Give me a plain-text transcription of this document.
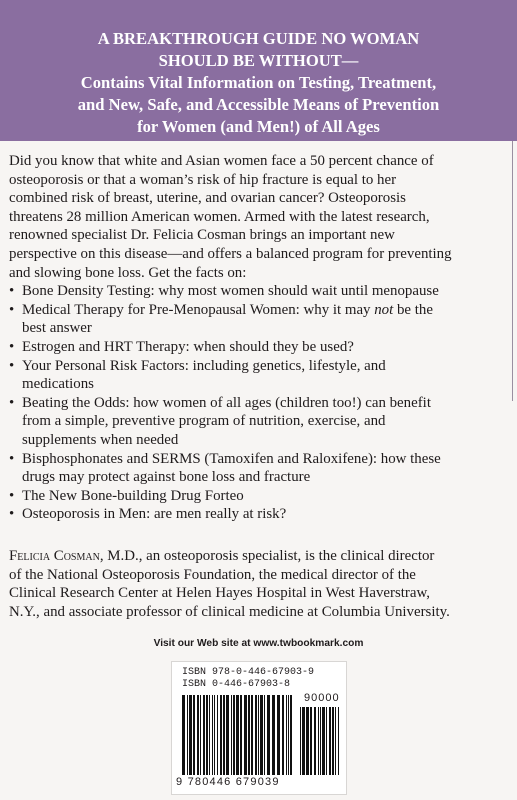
A BREAKTHROUGH GUIDE NO WOMAN
SHOULD BE WITHOUT—
Contains Vital Information on Testing, Treatment,
and New, Safe, and Accessible Means of Prevention
for Women (and Men!) of All Ages

Did you know that white and Asian women face a 50 percent chance of
osteoporosis or that a woman’s risk of hip fracture is equal to her
combined risk of breast, uterine, and ovarian cancer? Osteoporosis
threatens 28 million American women. Armed with the latest research,
renowned specialist Dr. Felicia Cosman brings an important new
perspective on this disease—and offers a balanced program for preventing
and slowing bone loss. Get the facts on:

• Bone Density Testing: why most women should wait until menopause
• Medical Therapy for Pre-Menopausal Women: why it may not be the
best answer
• Estrogen and HRT Therapy: when should they be used?
• Your Personal Risk Factors: including genetics, lifestyle, and
medications
• Beating the Odds: how women of all ages (children too!) can benefit
from a simple, preventive program of nutrition, exercise, and
supplements when needed
• Bisphosphonates and SERMS (Tamoxifen and Raloxifene): how these
drugs may protect against bone loss and fracture
• The New Bone-building Drug Forteo
• Osteoporosis in Men: are men really at risk?
Felicia Cosman, M.D., an osteoporosis specialist, is the clinical director
of the National Osteoporosis Foundation, the medical director of the
Clinical Research Center at Helen Hayes Hospital in West Haverstraw,
N.Y., and associate professor of clinical medicine at Columbia University.
Visit our Web site at www.twbookmark.com
ISBN 978-0-446-67903-9
ISBN 0-446-67903-8
90000
9 780446 679039
